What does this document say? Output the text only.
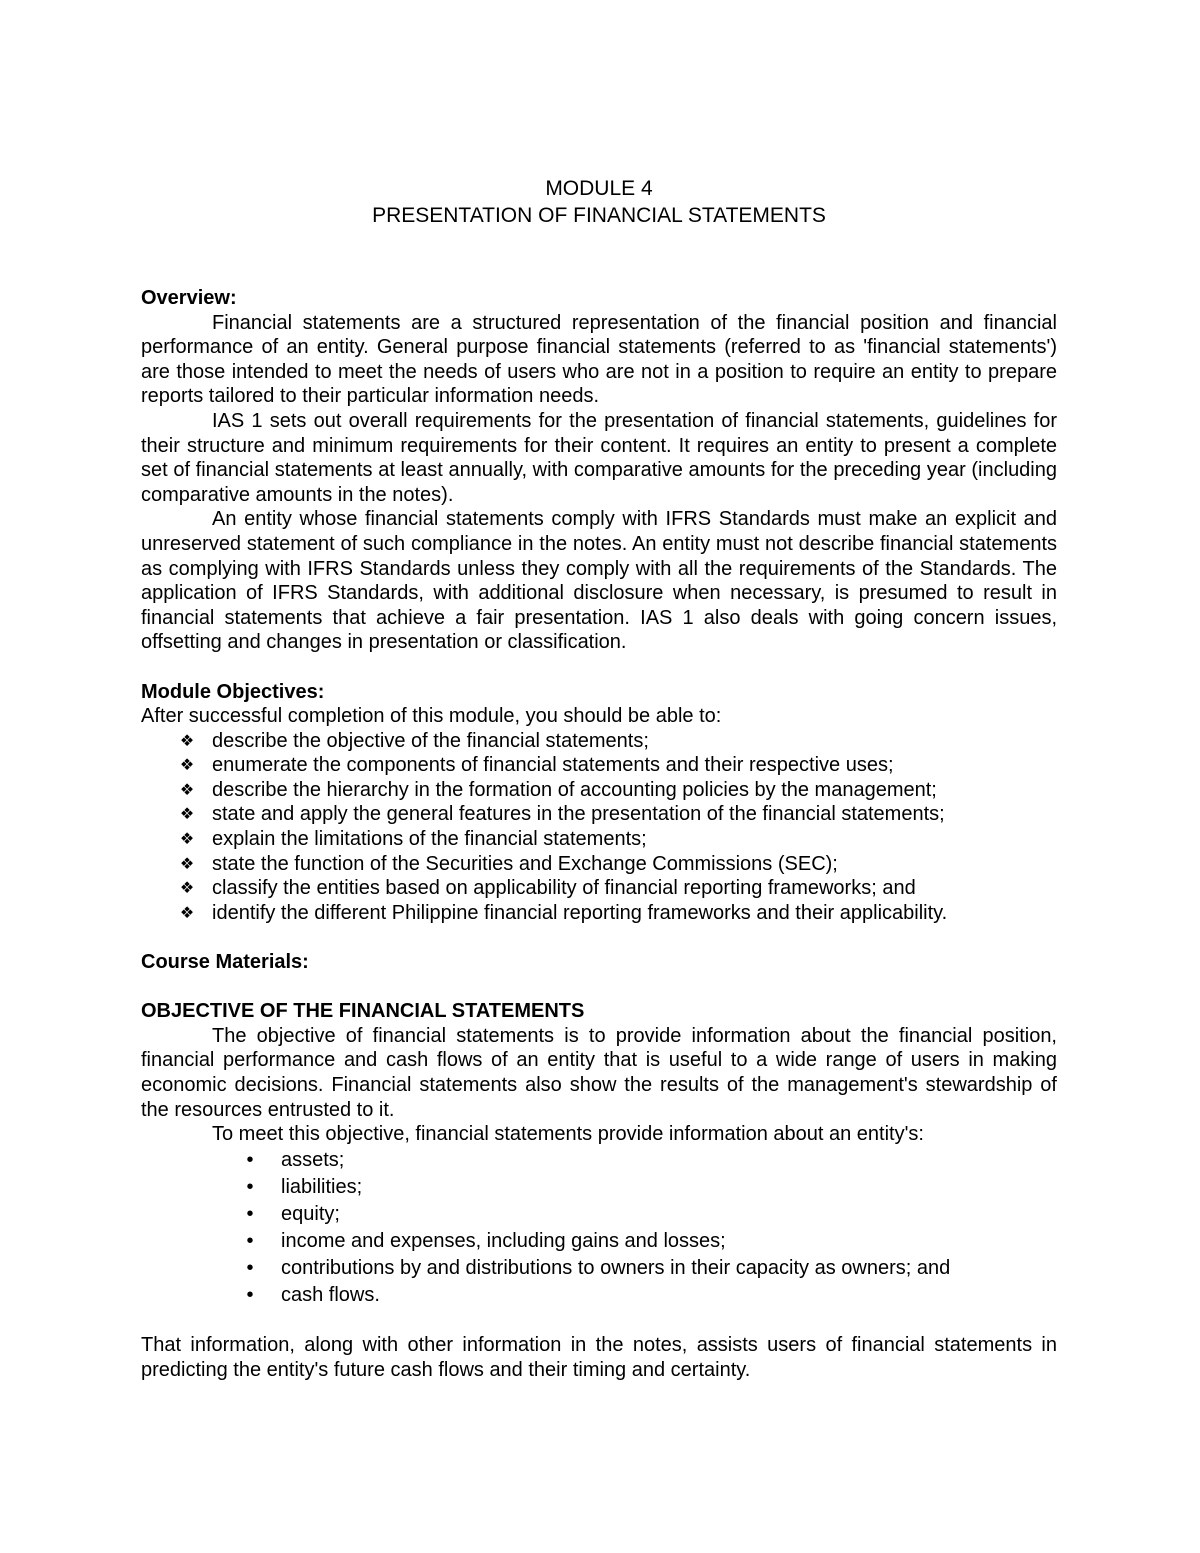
MODULE 4
PRESENTATION OF FINANCIAL STATEMENTS
Overview:

Financial statements are a structured representation of the financial position and financial performance of an entity. General purpose financial statements (referred to as 'financial statements') are those intended to meet the needs of users who are not in a position to require an entity to prepare reports tailored to their particular information needs.

IAS 1 sets out overall requirements for the presentation of financial statements, guidelines for their structure and minimum requirements for their content. It requires an entity to present a complete set of financial statements at least annually, with comparative amounts for the preceding year (including comparative amounts in the notes).

An entity whose financial statements comply with IFRS Standards must make an explicit and unreserved statement of such compliance in the notes. An entity must not describe financial statements as complying with IFRS Standards unless they comply with all the requirements of the Standards. The application of IFRS Standards, with additional disclosure when necessary, is presumed to result in financial statements that achieve a fair presentation. IAS 1 also deals with going concern issues, offsetting and changes in presentation or classification.

Module Objectives:

After successful completion of this module, you should be able to:

❖ describe the objective of the financial statements;
❖ enumerate the components of financial statements and their respective uses;
❖ describe the hierarchy in the formation of accounting policies by the management;
❖ state and apply the general features in the presentation of the financial statements;
❖ explain the limitations of the financial statements;
❖ state the function of the Securities and Exchange Commissions (SEC);
❖ classify the entities based on applicability of financial reporting frameworks; and
❖ identify the different Philippine financial reporting frameworks and their applicability.
Course Materials:
OBJECTIVE OF THE FINANCIAL STATEMENTS

The objective of financial statements is to provide information about the financial position, financial performance and cash flows of an entity that is useful to a wide range of users in making economic decisions. Financial statements also show the results of the management's stewardship of the resources entrusted to it.

To meet this objective, financial statements provide information about an entity's:

• assets;
• liabilities;
• equity;
• income and expenses, including gains and losses;
• contributions by and distributions to owners in their capacity as owners; and
• cash flows.

That information, along with other information in the notes, assists users of financial statements in predicting the entity's future cash flows and their timing and certainty.
